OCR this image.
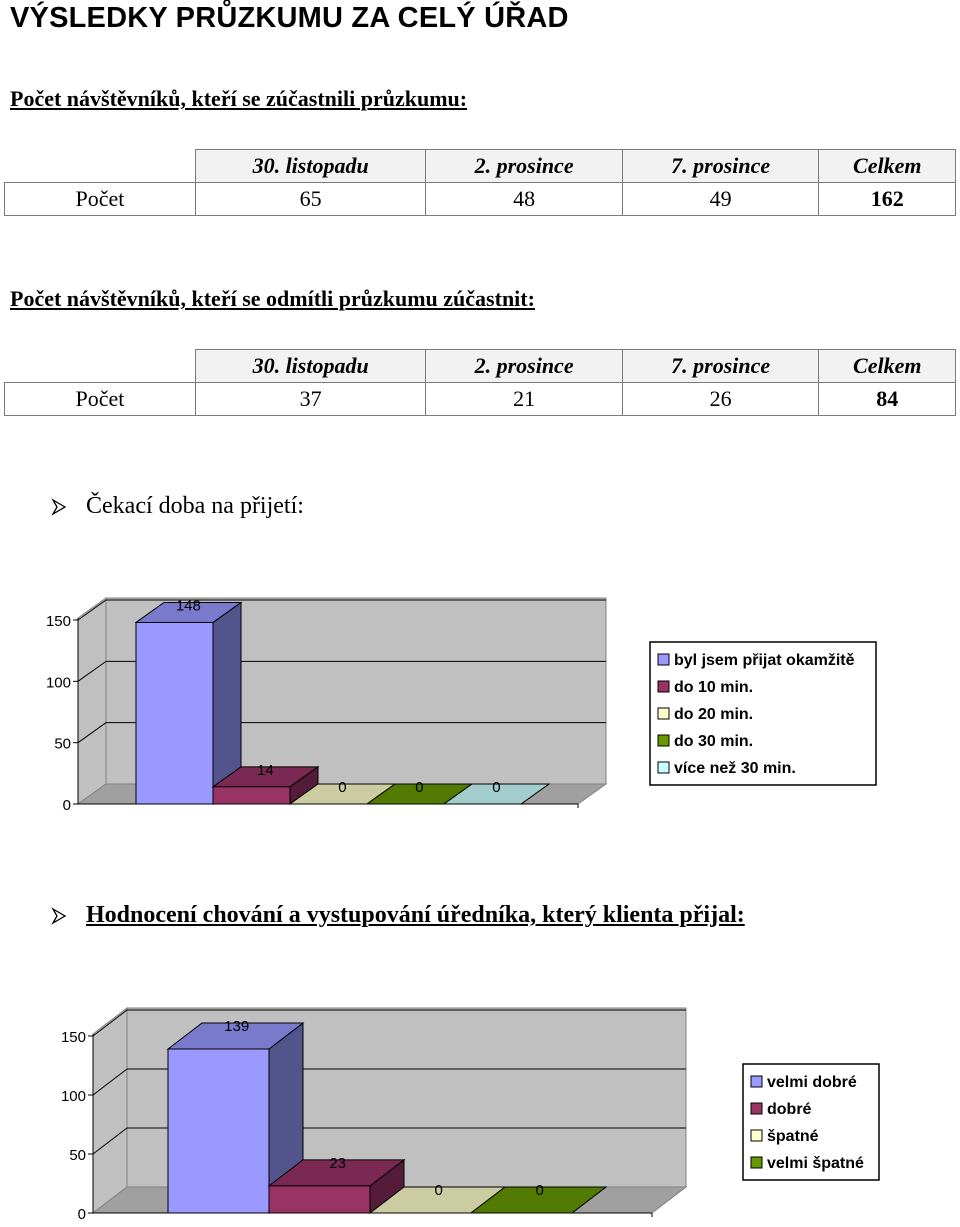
VÝSLEDKY PRŮZKUMU ZA CELÝ ÚŘAD
Počet návštěvníků, kteří se zúčastnili průzkumu:
	30. listopadu	2. prosince	7. prosince	Celkem
Počet	65	48	49	162
Počet návštěvníků, kteří se odmítli průzkumu zúčastnit:
	30. listopadu	2. prosince	7. prosince	Celkem
Počet	37	21	26	84
Čekací doba na přijetí:
0
50
100
150
148
14
0	0	0
byl jsem přijat okamžitě
do 10 min.
do 20 min.
do 30 min.
více než 30 min.
Hodnocení chování a vystupování úředníka, který klienta přijal:
0
50
100
150
139
23
0	0
velmi dobré
dobré
špatné
velmi špatné
